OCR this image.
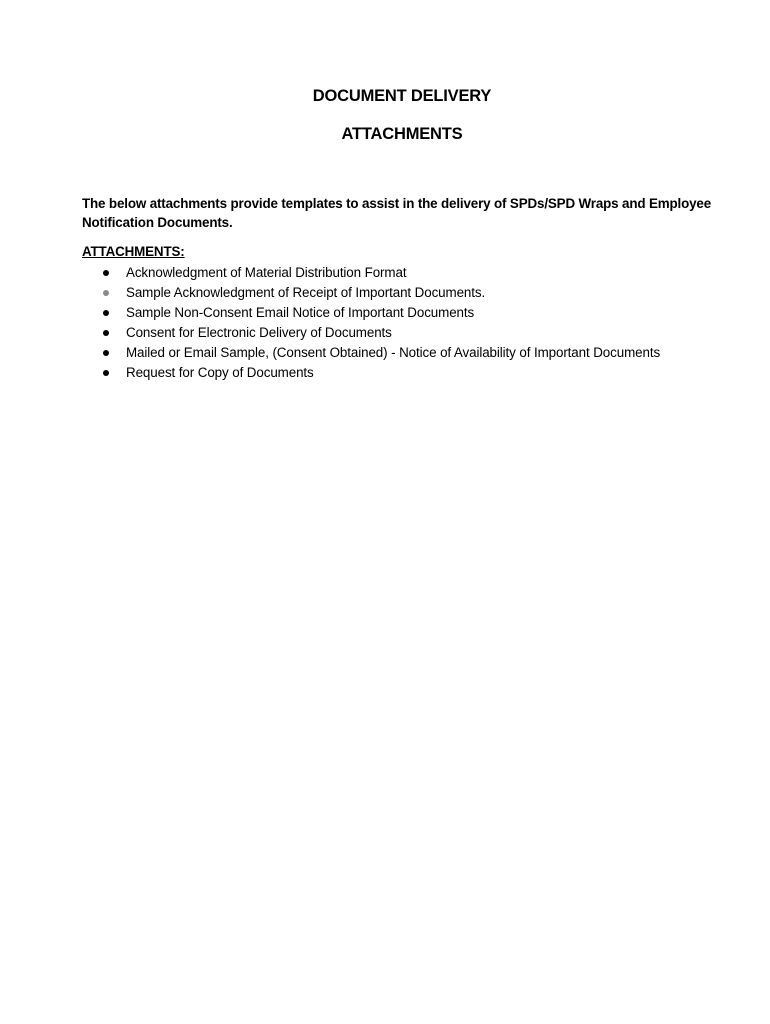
DOCUMENT DELIVERY
ATTACHMENTS
The below attachments provide templates to assist in the delivery of SPDs/SPD Wraps and Employee Notification Documents.
ATTACHMENTS:
Acknowledgment of Material Distribution Format
Sample Acknowledgment of Receipt of Important Documents.
Sample Non-Consent Email Notice of Important Documents
Consent for Electronic Delivery of Documents
Mailed or Email Sample, (Consent Obtained) - Notice of Availability of Important Documents
Request for Copy of Documents
